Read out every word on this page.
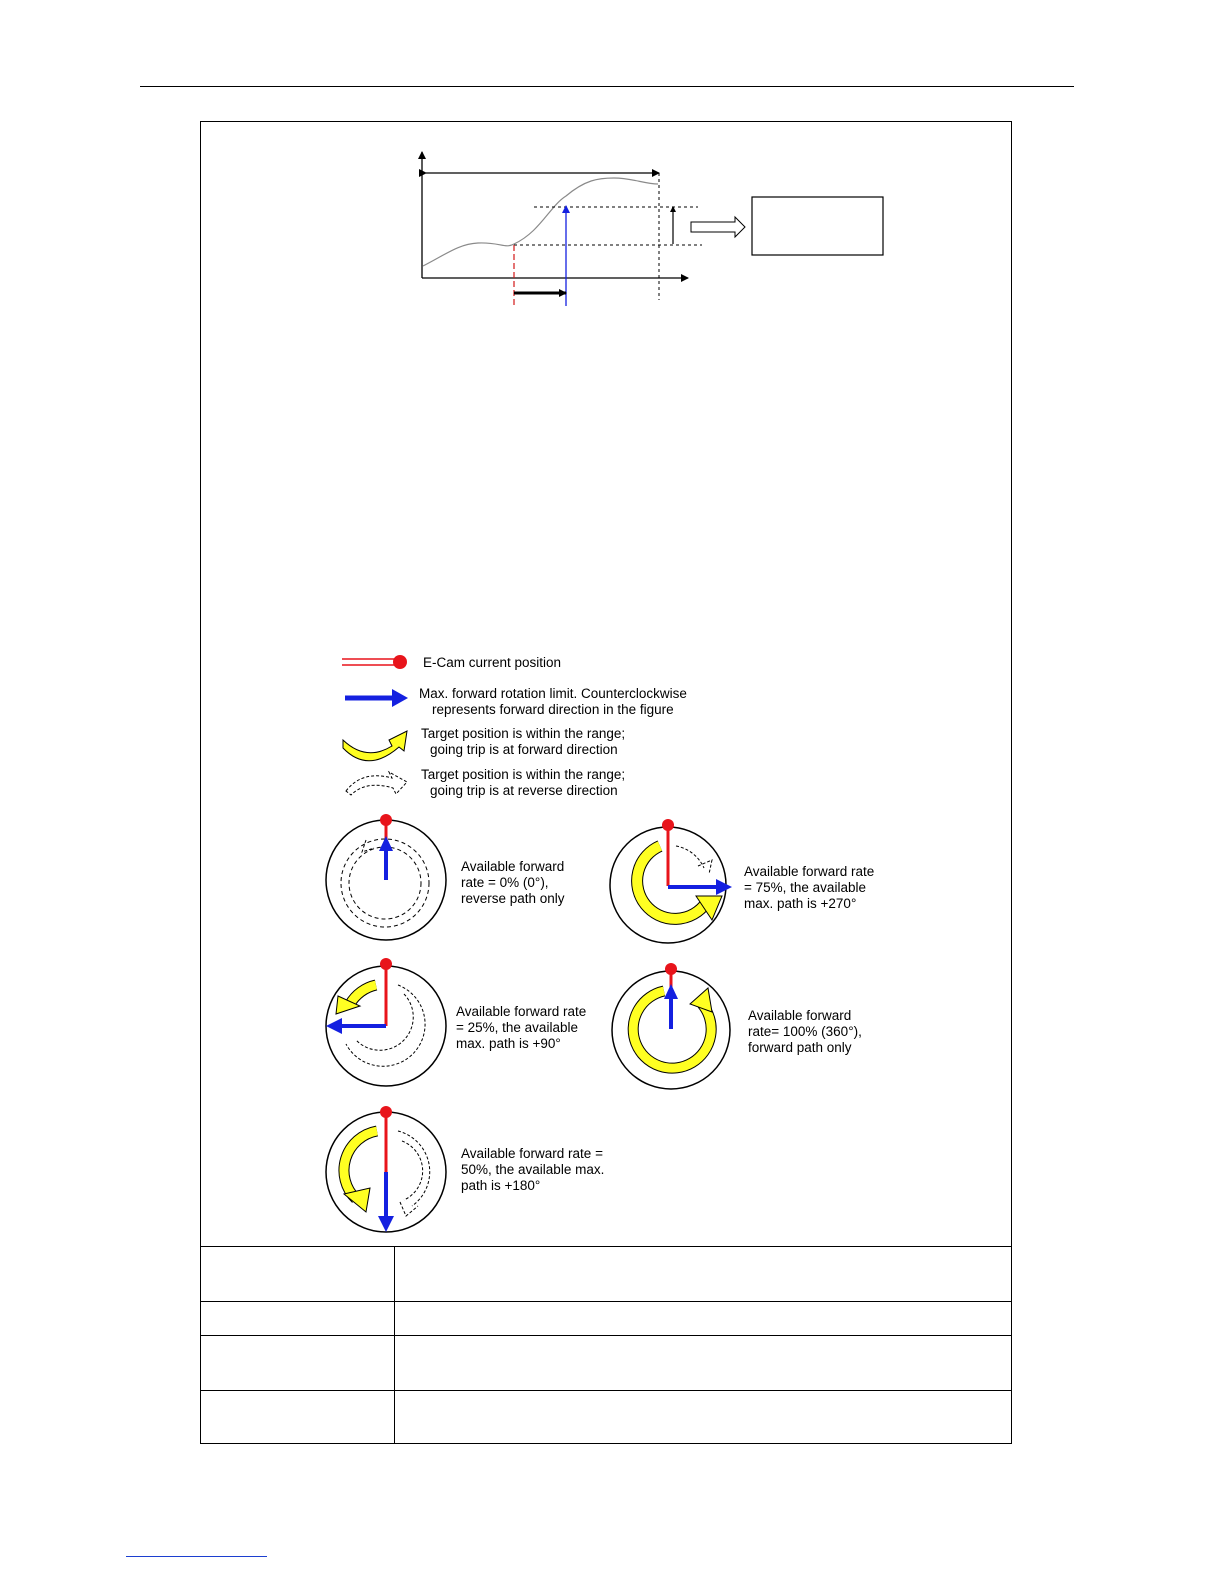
E-Cam current position
Max. forward rotation limit. Counterclockwise
represents forward direction in the figure
Target position is within the range;
going trip is at forward direction
Target position is within the range;
going trip is at reverse direction
Available forward
rate = 0% (0°),
reverse path only
Available forward rate
= 75%, the available
max. path is +270°
Available forward rate
= 25%, the available
max. path is +90°
Available forward
rate= 100% (360°),
forward path only
Available forward rate =
50%, the available max.
path is +180°
